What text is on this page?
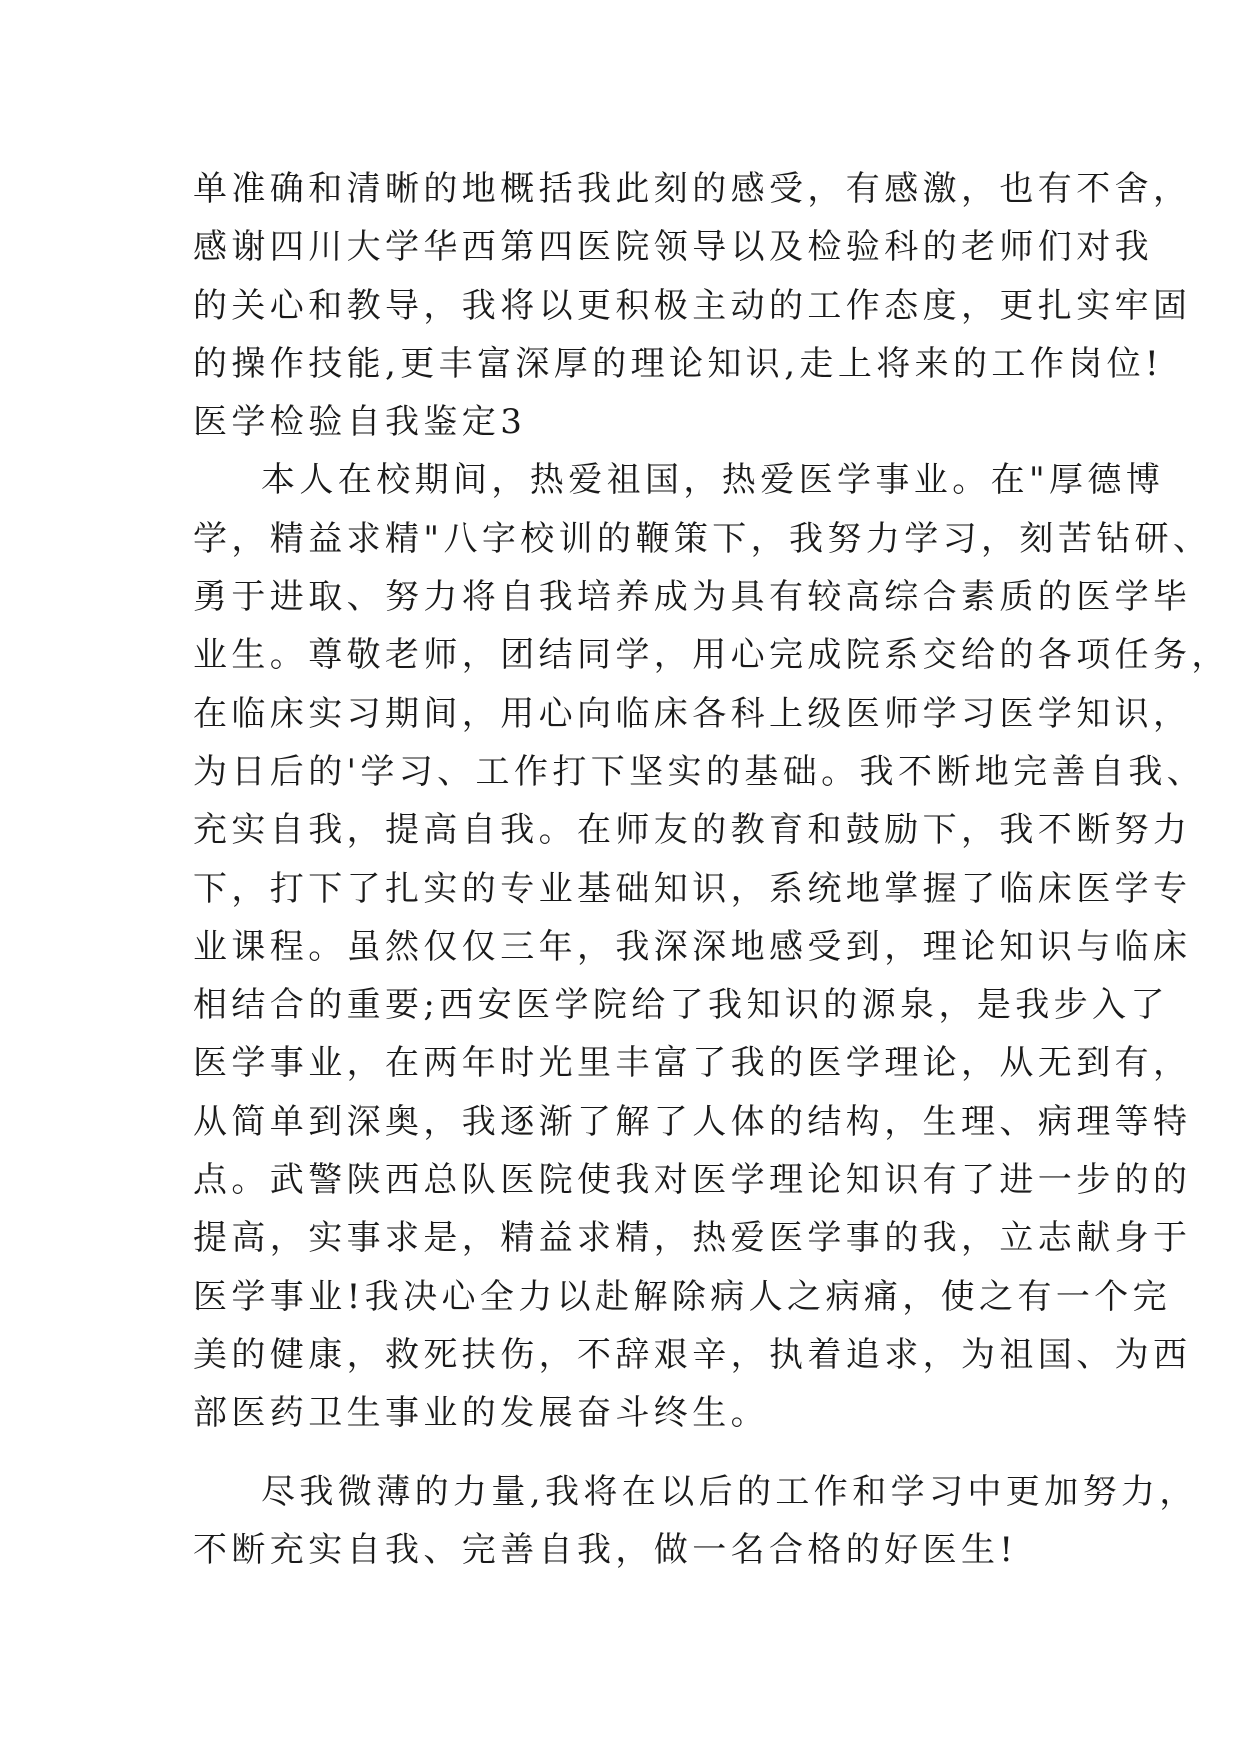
单准确和清晰的地概括我此刻的感受，有感激，也有不舍，
感谢四川大学华西第四医院领导以及检验科的老师们对我
的关心和教导，我将以更积极主动的工作态度，更扎实牢固
的操作技能,更丰富深厚的理论知识,走上将来的工作岗位!
医学检验自我鉴定3
本人在校期间，热爱祖国，热爱医学事业。在"厚德博
学，精益求精"八字校训的鞭策下，我努力学习，刻苦钻研、
勇于进取、努力将自我培养成为具有较高综合素质的医学毕
业生。尊敬老师，团结同学，用心完成院系交给的各项任务，
在临床实习期间，用心向临床各科上级医师学习医学知识，
为日后的'学习、工作打下坚实的基础。我不断地完善自我、
充实自我，提高自我。在师友的教育和鼓励下，我不断努力
下，打下了扎实的专业基础知识，系统地掌握了临床医学专
业课程。虽然仅仅三年，我深深地感受到，理论知识与临床
相结合的重要;西安医学院给了我知识的源泉，是我步入了
医学事业，在两年时光里丰富了我的医学理论，从无到有，
从简单到深奥，我逐渐了解了人体的结构，生理、病理等特
点。武警陕西总队医院使我对医学理论知识有了进一步的的
提高，实事求是，精益求精，热爱医学事的我，立志献身于
医学事业!我决心全力以赴解除病人之病痛，使之有一个完
美的健康，救死扶伤，不辞艰辛，执着追求，为祖国、为西
部医药卫生事业的发展奋斗终生。
尽我微薄的力量,我将在以后的工作和学习中更加努力，
不断充实自我、完善自我，做一名合格的好医生!
